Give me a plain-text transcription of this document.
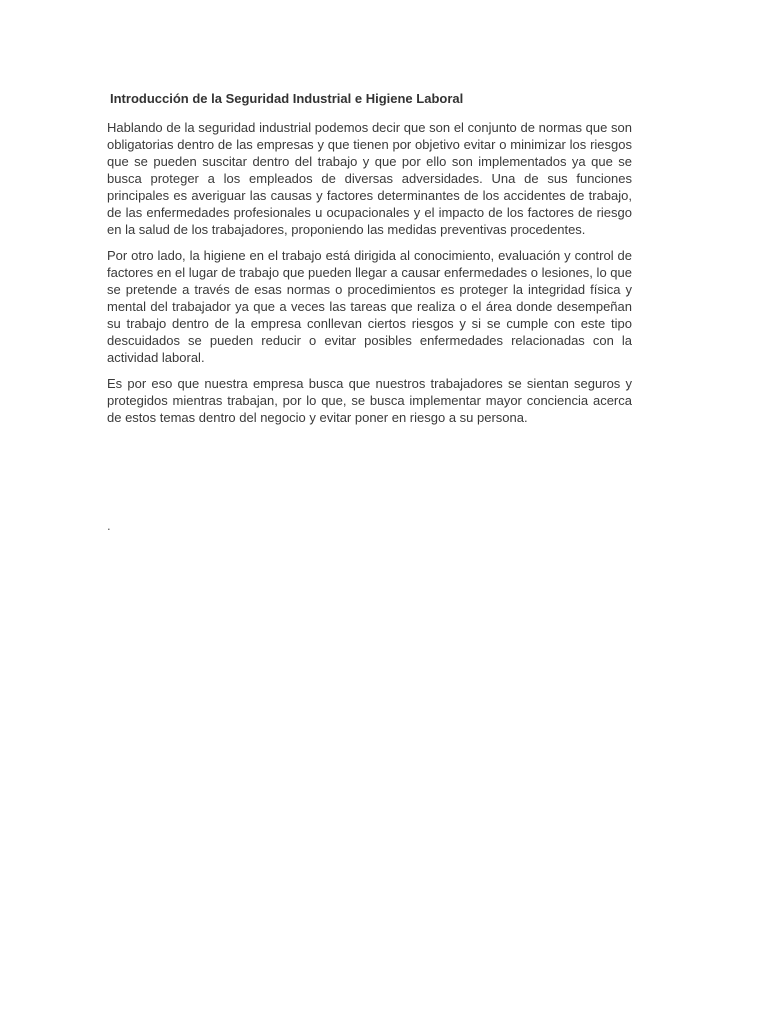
Introducción de la Seguridad Industrial e Higiene Laboral

Hablando de la seguridad industrial podemos decir que son el conjunto de normas que son obligatorias dentro de las empresas y que tienen por objetivo evitar o minimizar los riesgos que se pueden suscitar dentro del trabajo y que por ello son implementados ya que se busca proteger a los empleados de diversas adversidades. Una de sus funciones principales es averiguar las causas y factores determinantes de los accidentes de trabajo, de las enfermedades profesionales u ocupacionales y el impacto de los factores de riesgo en la salud de los trabajadores, proponiendo las medidas preventivas procedentes.

Por otro lado, la higiene en el trabajo está dirigida al conocimiento, evaluación y control de factores en el lugar de trabajo que pueden llegar a causar enfermedades o lesiones, lo que se pretende a través de esas normas o procedimientos es proteger la integridad física y mental del trabajador ya que a veces las tareas que realiza o el área donde desempeñan su trabajo dentro de la empresa conllevan ciertos riesgos y si se cumple con este tipo descuidados se pueden reducir o evitar posibles enfermedades relacionadas con la actividad laboral.

Es por eso que nuestra empresa busca que nuestros trabajadores se sientan seguros y protegidos mientras trabajan, por lo que, se busca implementar mayor conciencia acerca de estos temas dentro del negocio y evitar poner en riesgo a su persona.

.
